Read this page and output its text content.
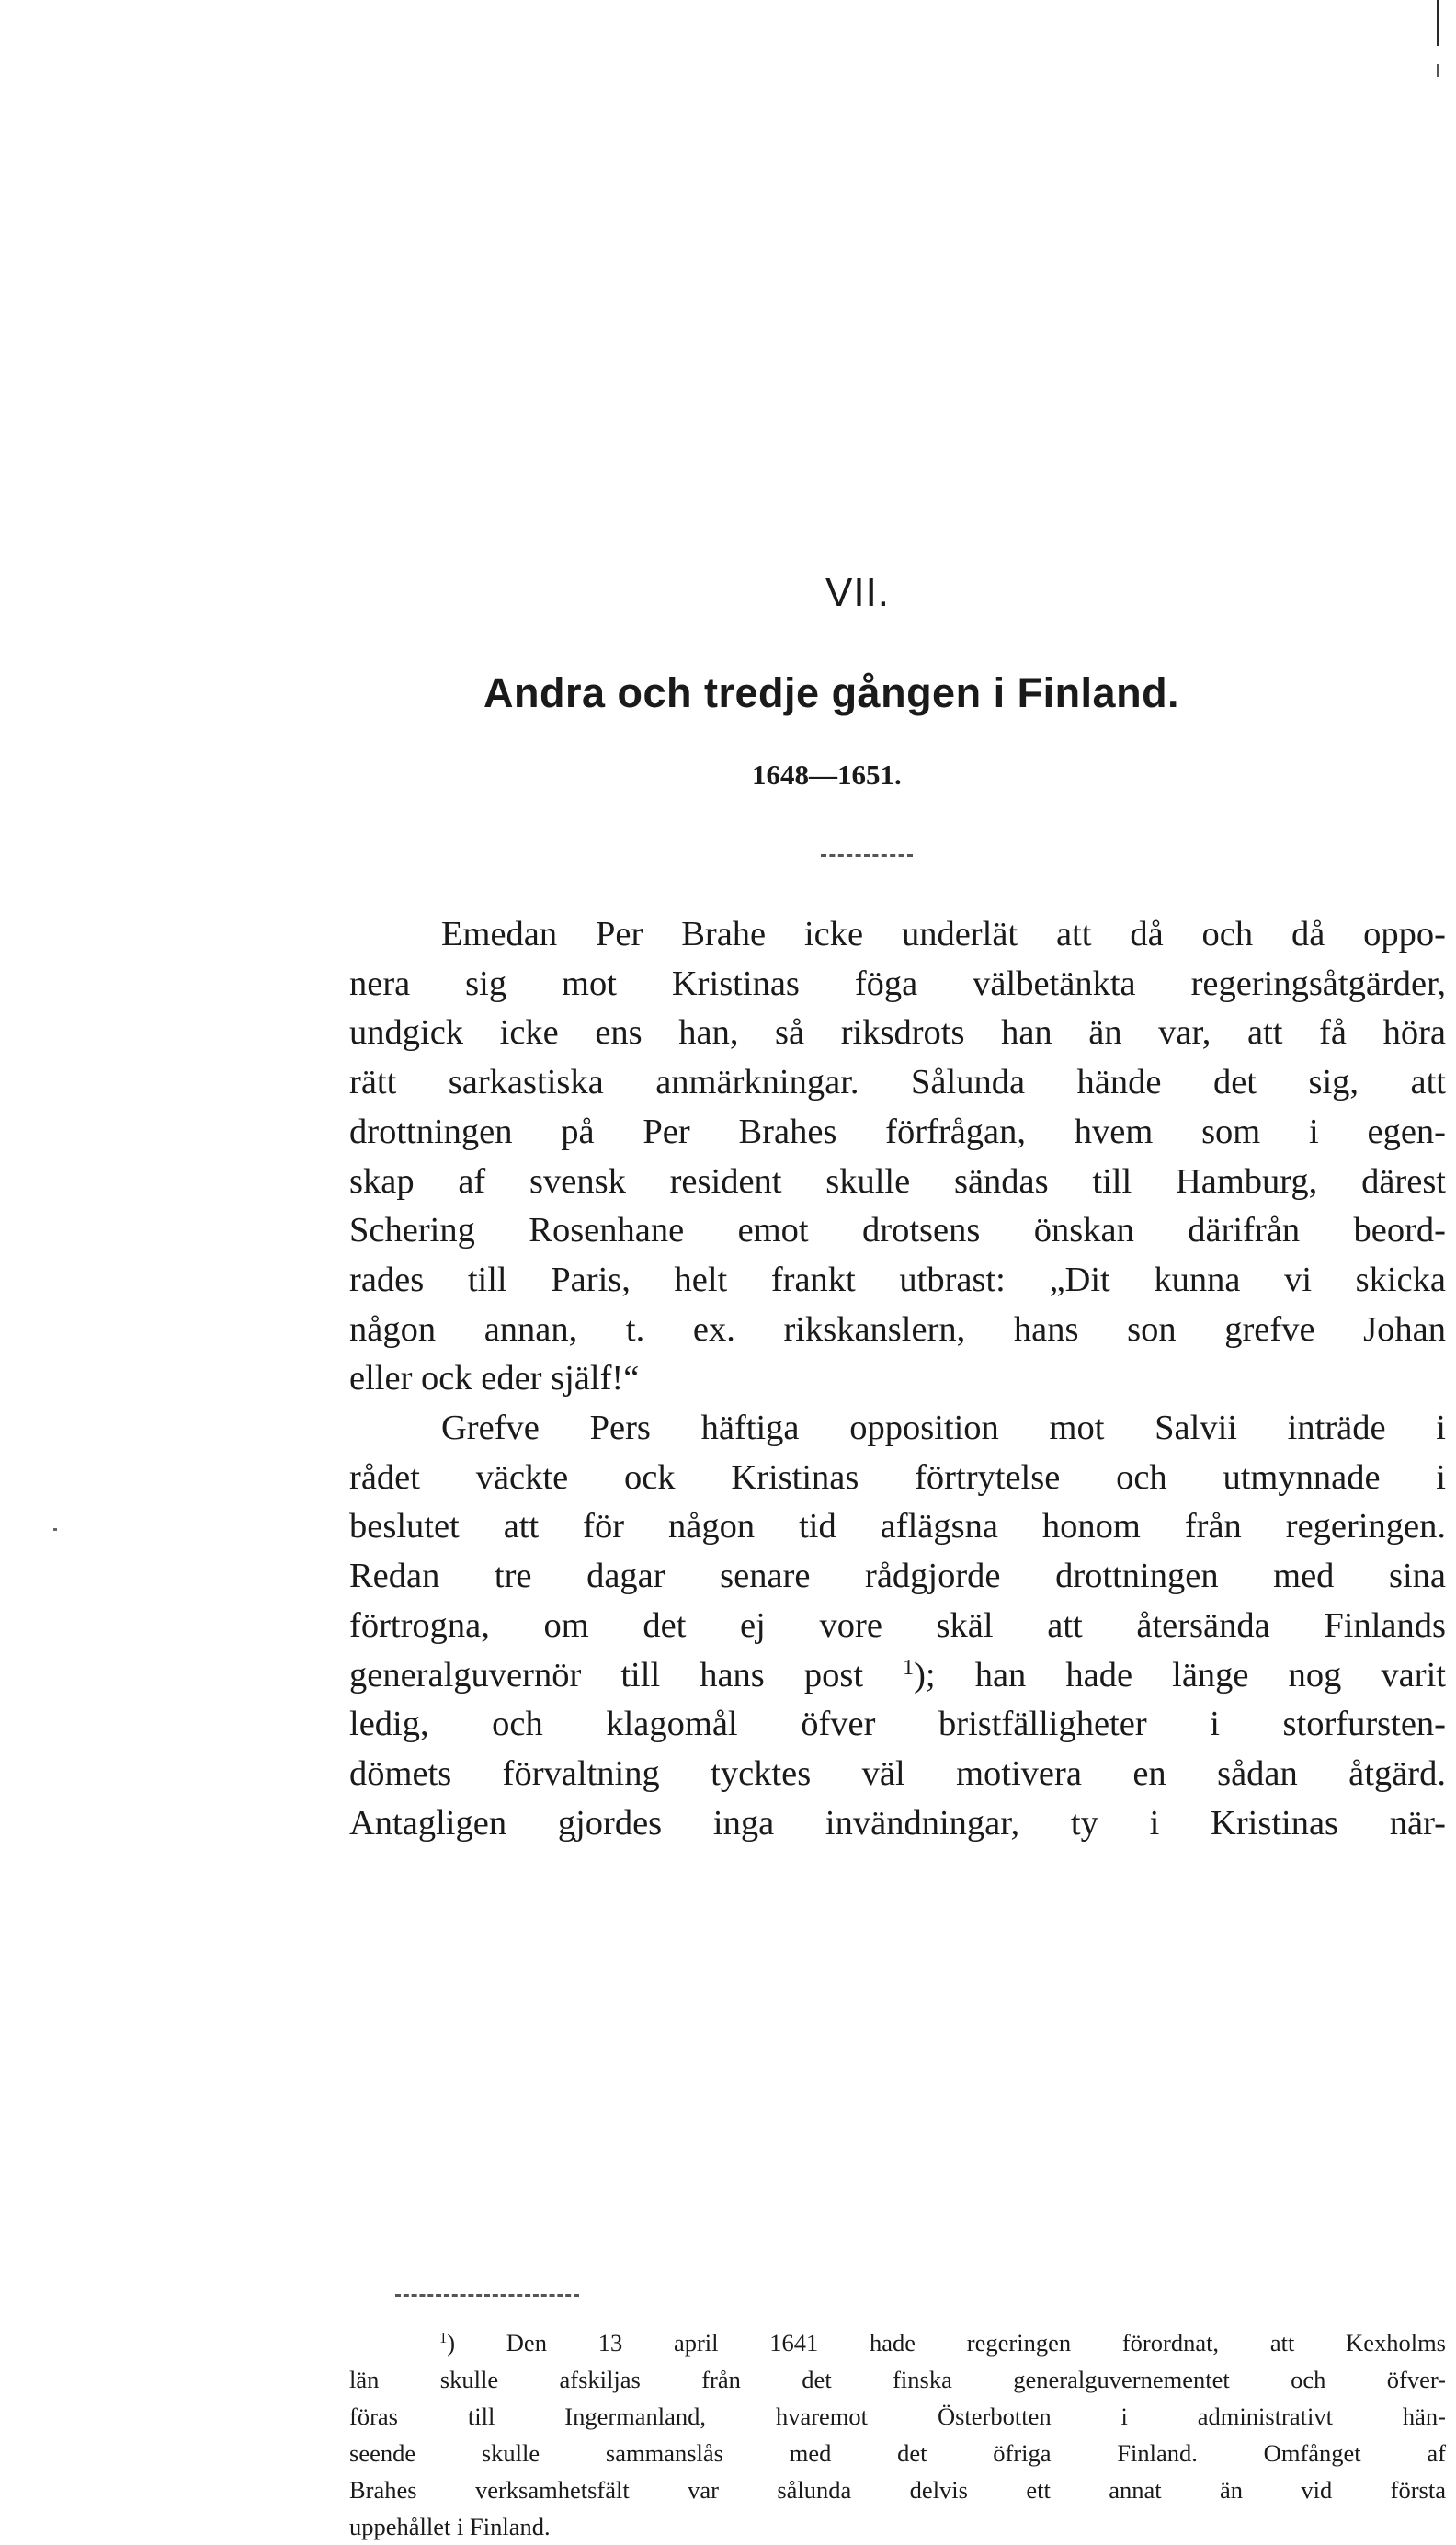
VII.
Andra och tredje gången i Finland.
1648—1651.
Emedan Per Brahe icke underlät att då och då oppo-
nera sig mot Kristinas föga välbetänkta regeringsåtgärder,
undgick icke ens han, så riksdrots han än var, att få höra
rätt sarkastiska anmärkningar. Sålunda hände det sig, att
drottningen på Per Brahes förfrågan, hvem som i egen-
skap af svensk resident skulle sändas till Hamburg, därest
Schering Rosenhane emot drotsens önskan därifrån beord-
rades till Paris, helt frankt utbrast: „Dit kunna vi skicka
någon annan, t. ex. rikskanslern, hans son grefve Johan
eller ock eder själf!“
Grefve Pers häftiga opposition mot Salvii inträde i
rådet väckte ock Kristinas förtrytelse och utmynnade i
beslutet att för någon tid aflägsna honom från regeringen.
Redan tre dagar senare rådgjorde drottningen med sina
förtrogna, om det ej vore skäl att återsända Finlands
generalguvernör till hans post $^1$); han hade länge nog varit
ledig, och klagomål öfver bristfälligheter i storfursten-
dömets förvaltning tycktes väl motivera en sådan åtgärd.
Antagligen gjordes inga invändningar, ty i Kristinas när-
$^1$) Den 13 april 1641 hade regeringen förordnat, att Kexholms
län skulle afskiljas från det finska generalguvernementet och öfver-
föras till Ingermanland, hvaremot Österbotten i administrativt hän-
seende skulle sammanslås med det öfriga Finland. Omfånget af
Brahes verksamhetsfält var sålunda delvis ett annat än vid första
uppehållet i Finland.
